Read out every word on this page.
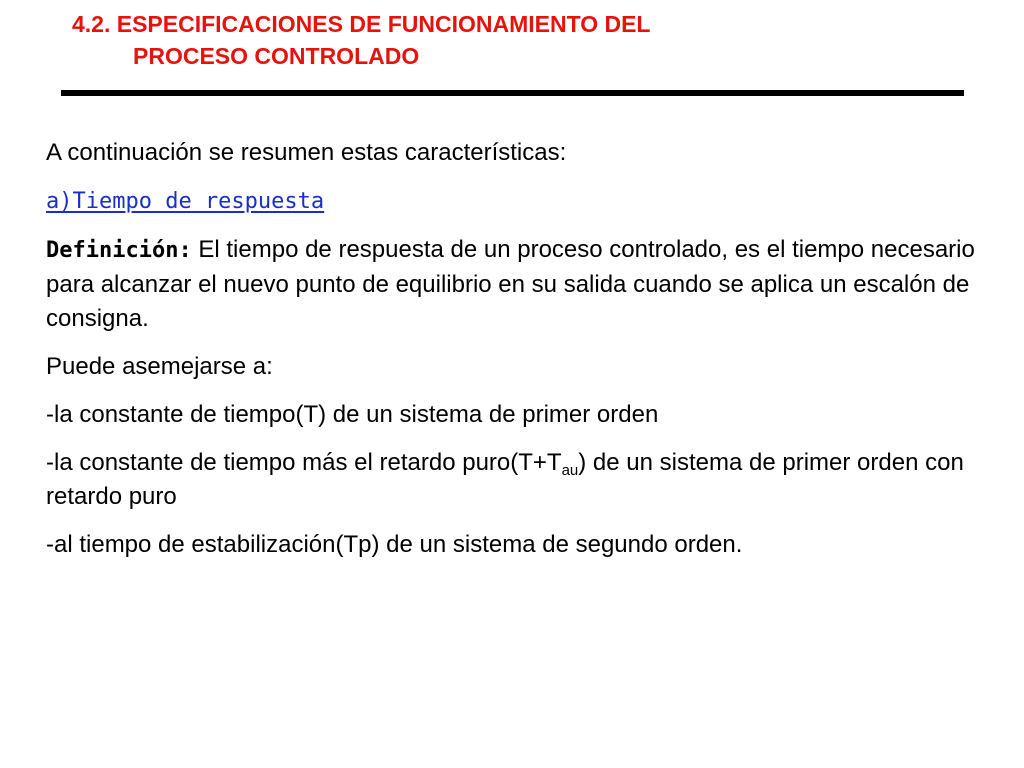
4.2. ESPECIFICACIONES DE FUNCIONAMIENTO DEL
PROCESO CONTROLADO

A continuación se resumen estas características:

a)Tiempo de respuesta

Definición: El tiempo de respuesta de un proceso controlado, es el tiempo necesario para alcanzar el nuevo punto de equilibrio en su salida cuando se aplica un escalón de consigna.

Puede asemejarse a:

-la constante de tiempo(T) de un sistema de primer orden

-la constante de tiempo más el retardo $puro(T+T_{au})$ de un sistema de primer orden con retardo puro

-al tiempo de estabilización(Tp) de un sistema de segundo orden.
